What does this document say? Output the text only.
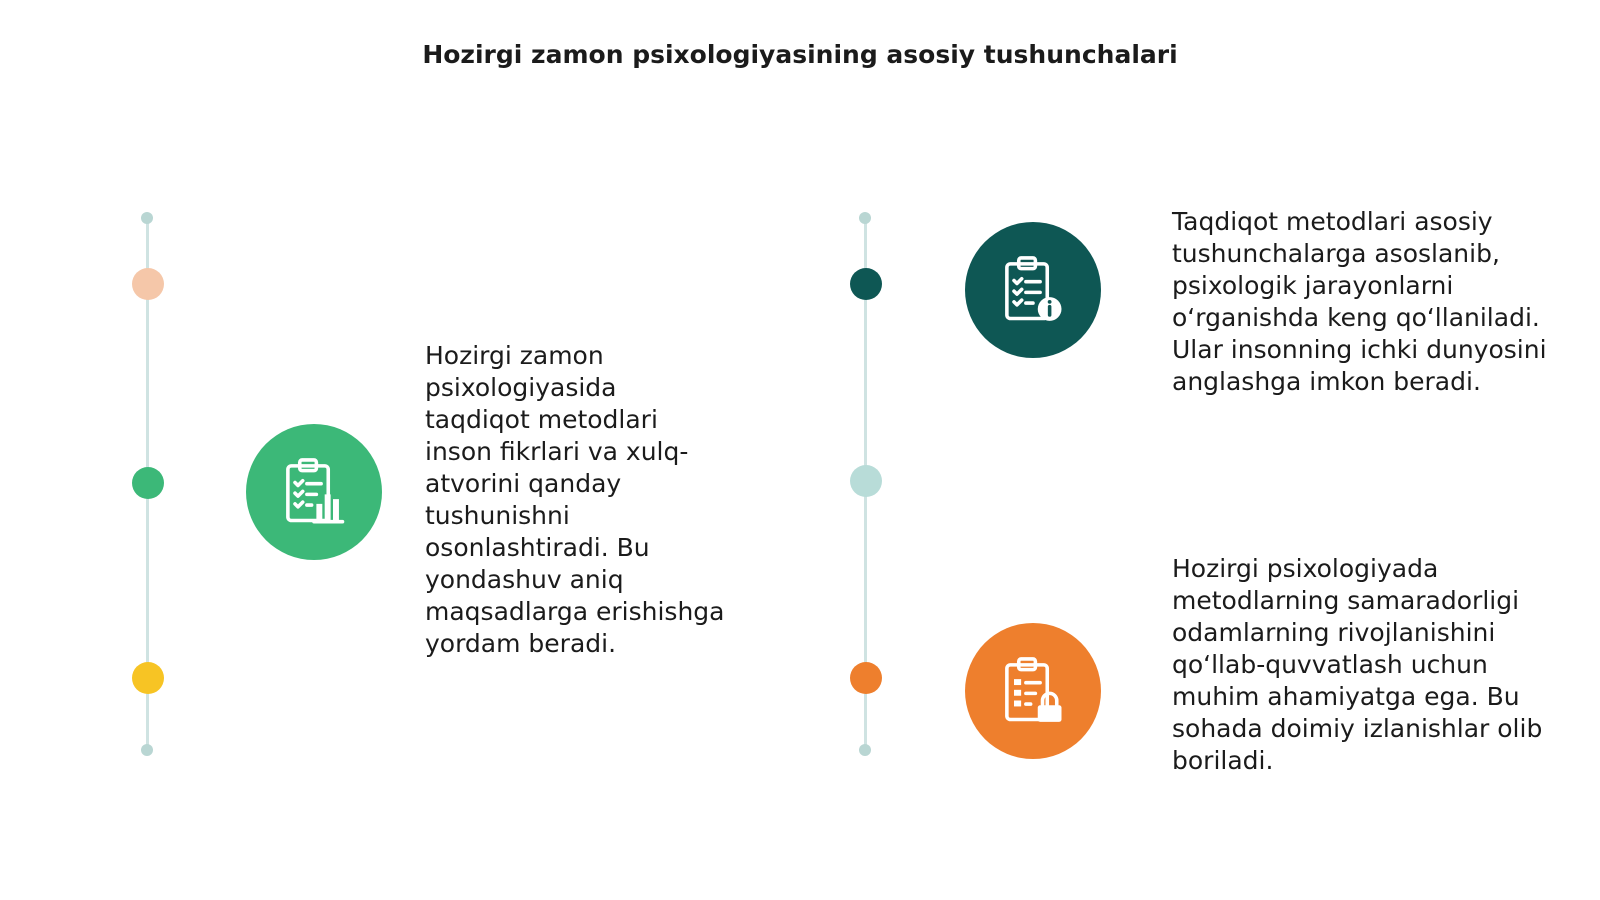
Hozirgi zamon psixologiyasining asosiy tushunchalari

Hozirgi zamon psixologiyasida taqdiqot metodlari inson fikrlari va xulq-atvorini qanday tushunishni osonlashtiradi. Bu yondashuv aniq maqsadlarga erishishga yordam beradi.

Taqdiqot metodlari asosiy tushunchalarga asoslanib, psixologik jarayonlarni oʻrganishda keng qoʻllaniladi. Ular insonning ichki dunyosini anglashga imkon beradi.

Hozirgi psixologiyada metodlarning samaradorligi odamlarning rivojlanishini qoʻllab-quvvatlash uchun muhim ahamiyatga ega. Bu sohada doimiy izlanishlar olib boriladi.
